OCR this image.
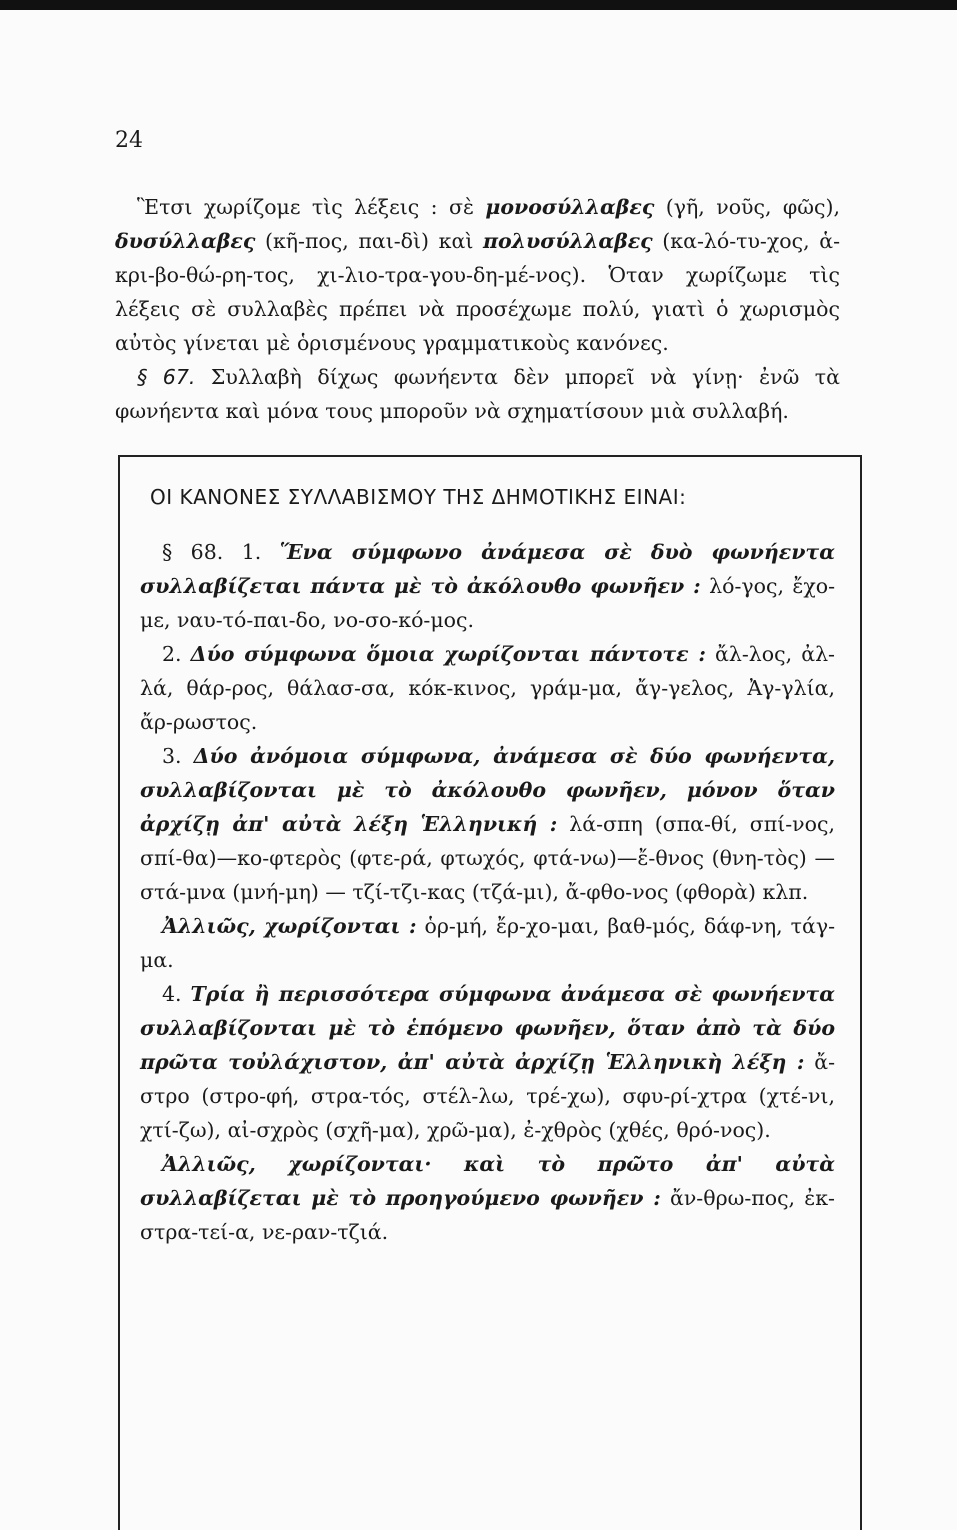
24
Ἓτσι χωρίζομε τὶς λέξεις : σὲ μονοσύλλαβες (γῆ, νοῦς, φῶς), δυσύλλαβες (κῆ-πος, παι-δὶ) καὶ πολυσύλλαβες (κα-λό-τυ-χος, ἁ-κρι-βο-θώ-ρη-τος, χι-λιο-τρα-γου-δη-μέ-νος). Ὁταν χωρίζωμε τὶς λέξεις σὲ συλλαβὲς πρέπει νὰ προσέχωμε πολύ, γιατὶ ὁ χωρισμὸς αὐτὸς γίνεται μὲ ὁρισμένους γραμματικοὺς κανόνες.
§ 67. Συλλαβὴ δίχως φωνήεντα δὲν μπορεῖ νὰ γίνῃ· ἐνῶ τὰ φωνήεντα καὶ μόνα τους μποροῦν νὰ σχηματίσουν μιὰ συλλαβή.
ΟΙ ΚΑΝΟΝΕΣ ΣΥΛΛΑΒΙΣΜΟΥ ΤΗΣ ΔΗΜΟΤΙΚΗΣ ΕΙΝΑΙ:
§ 68. 1. Ἕνα σύμφωνο ἀνάμεσα σὲ δυὸ φωνήεντα συλλαβίζεται πάντα μὲ τὸ ἀκόλουθο φωνῆεν : λό-γος, ἔχο-με, ναυ-τό-παι-δο, νο-σο-κό-μος.
2. Δύο σύμφωνα ὅμοια χωρίζονται πάντοτε : ἄλ-λος, ἀλ-λά, θάρ-ρος, θάλασ-σα, κόκ-κινος, γράμ-μα, ἄγ-γελος, Ἀγ-γλία, ἄρ-ρωστος.
3. Δύο ἀνόμοια σύμφωνα, ἀνάμεσα σὲ δύο φωνήεντα, συλλαβίζονται μὲ τὸ ἀκόλουθο φωνῆεν, μόνον ὅταν ἀρχίζῃ ἀπ' αὐτὰ λέξη Ἑλληνική : λά-σπη (σπα-θί, σπί-νος, σπί-θα)—κο-φτερὸς (φτε-ρά, φτωχός, φτά-νω)—ἔ-θνος (θνη-τὸς) — στά-μνα (μνή-μη) — τζί-τζι-κας (τζά-μι), ἄ-φθο-νος (φθορὰ) κλπ.
Ἀλλιῶς, χωρίζονται : ὁρ-μή, ἔρ-χο-μαι, βαθ-μός, δάφ-νη, τάγ-μα.
4. Τρία ἢ περισσότερα σύμφωνα ἀνάμεσα σὲ φωνήεντα συλλαβίζονται μὲ τὸ ἑπόμενο φωνῆεν, ὅταν ἀπὸ τὰ δύο πρῶτα τοὐλάχιστον, ἀπ' αὐτὰ ἀρχίζῃ Ἑλληνικὴ λέξη : ἄ-στρο (στρο-φή, στρα-τός, στέλ-λω, τρέ-χω), σφυ-ρί-χτρα (χτέ-νι, χτί-ζω), αἰ-σχρὸς (σχῆ-μα), χρῶ-μα), ἐ-χθρὸς (χθές, θρό-νος).
Ἀλλιῶς, χωρίζονται· καὶ τὸ πρῶτο ἀπ' αὐτὰ συλλαβίζεται μὲ τὸ προηγούμενο φωνῆεν : ἄν-θρω-πος, ἐκ-στρα-τεί-α, νε-ραν-τζιά.
